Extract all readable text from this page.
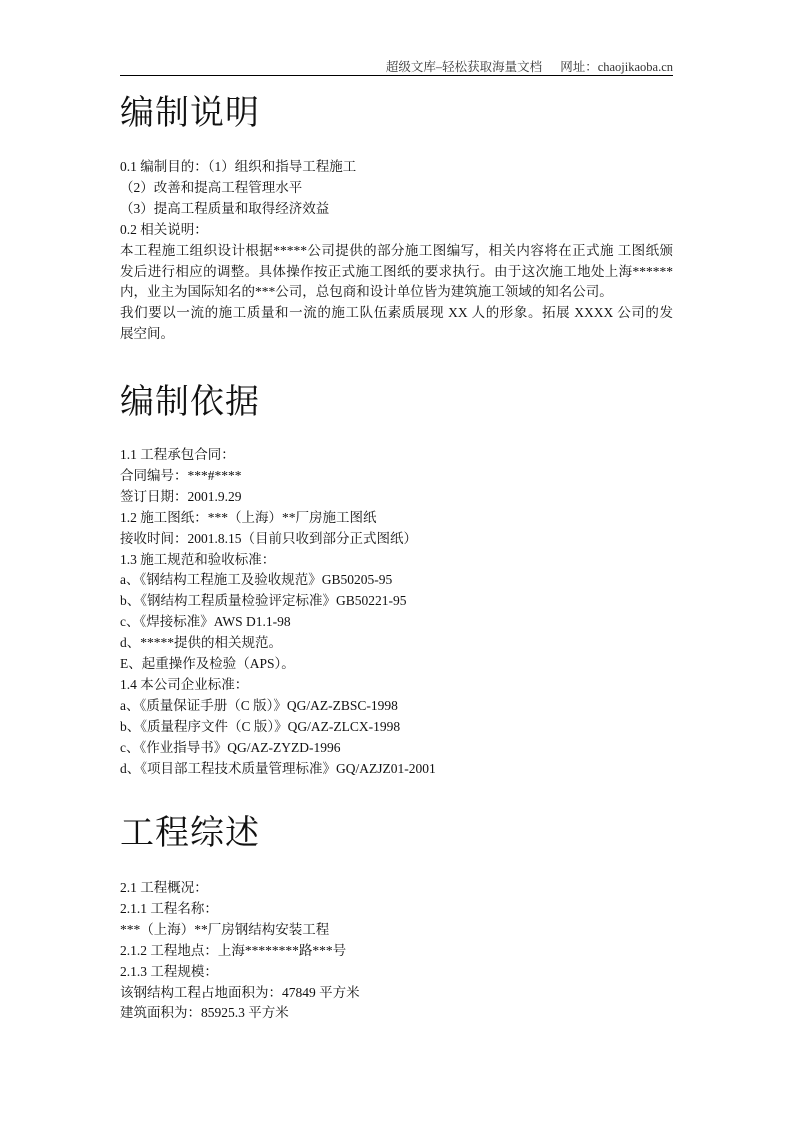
超级文库–轻松获取海量文档 网址：chaojikaoba.cn
编制说明
0.1 编制目的：（1）组织和指导工程施工
（2）改善和提高工程管理水平
（3）提高工程质量和取得经济效益
0.2 相关说明：
本工程施工组织设计根据*****公司提供的部分施工图编写，相关内容将在正式施 工图纸颁
发后进行相应的调整。具体操作按正式施工图纸的要求执行。由于这次施工地处上海******
内，业主为国际知名的***公司，总包商和设计单位皆为建筑施工领域的知名公司。
我们要以一流的施工质量和一流的施工队伍素质展现 XX 人的形象。拓展 XXXX 公司的发
展空间。
编制依据
1.1 工程承包合同：
合同编号：***#****
签订日期：2001.9.29
1.2 施工图纸：***（上海）**厂房施工图纸
接收时间：2001.8.15（目前只收到部分正式图纸）
1.3 施工规范和验收标准：
a、《钢结构工程施工及验收规范》GB50205-95
b、《钢结构工程质量检验评定标准》GB50221-95
c、《焊接标准》AWS D1.1-98
d、*****提供的相关规范。
E、起重操作及检验（APS）。
1.4 本公司企业标准：
a、《质量保证手册（C 版）》QG/AZ-ZBSC-1998
b、《质量程序文件（C 版）》QG/AZ-ZLCX-1998
c、《作业指导书》QG/AZ-ZYZD-1996
d、《项目部工程技术质量管理标准》GQ/AZJZ01-2001
工程综述
2.1 工程概况：
2.1.1 工程名称：
***（上海）**厂房钢结构安装工程
2.1.2 工程地点：上海********路***号
2.1.3 工程规模：
该钢结构工程占地面积为：47849 平方米
建筑面积为：85925.3 平方米
